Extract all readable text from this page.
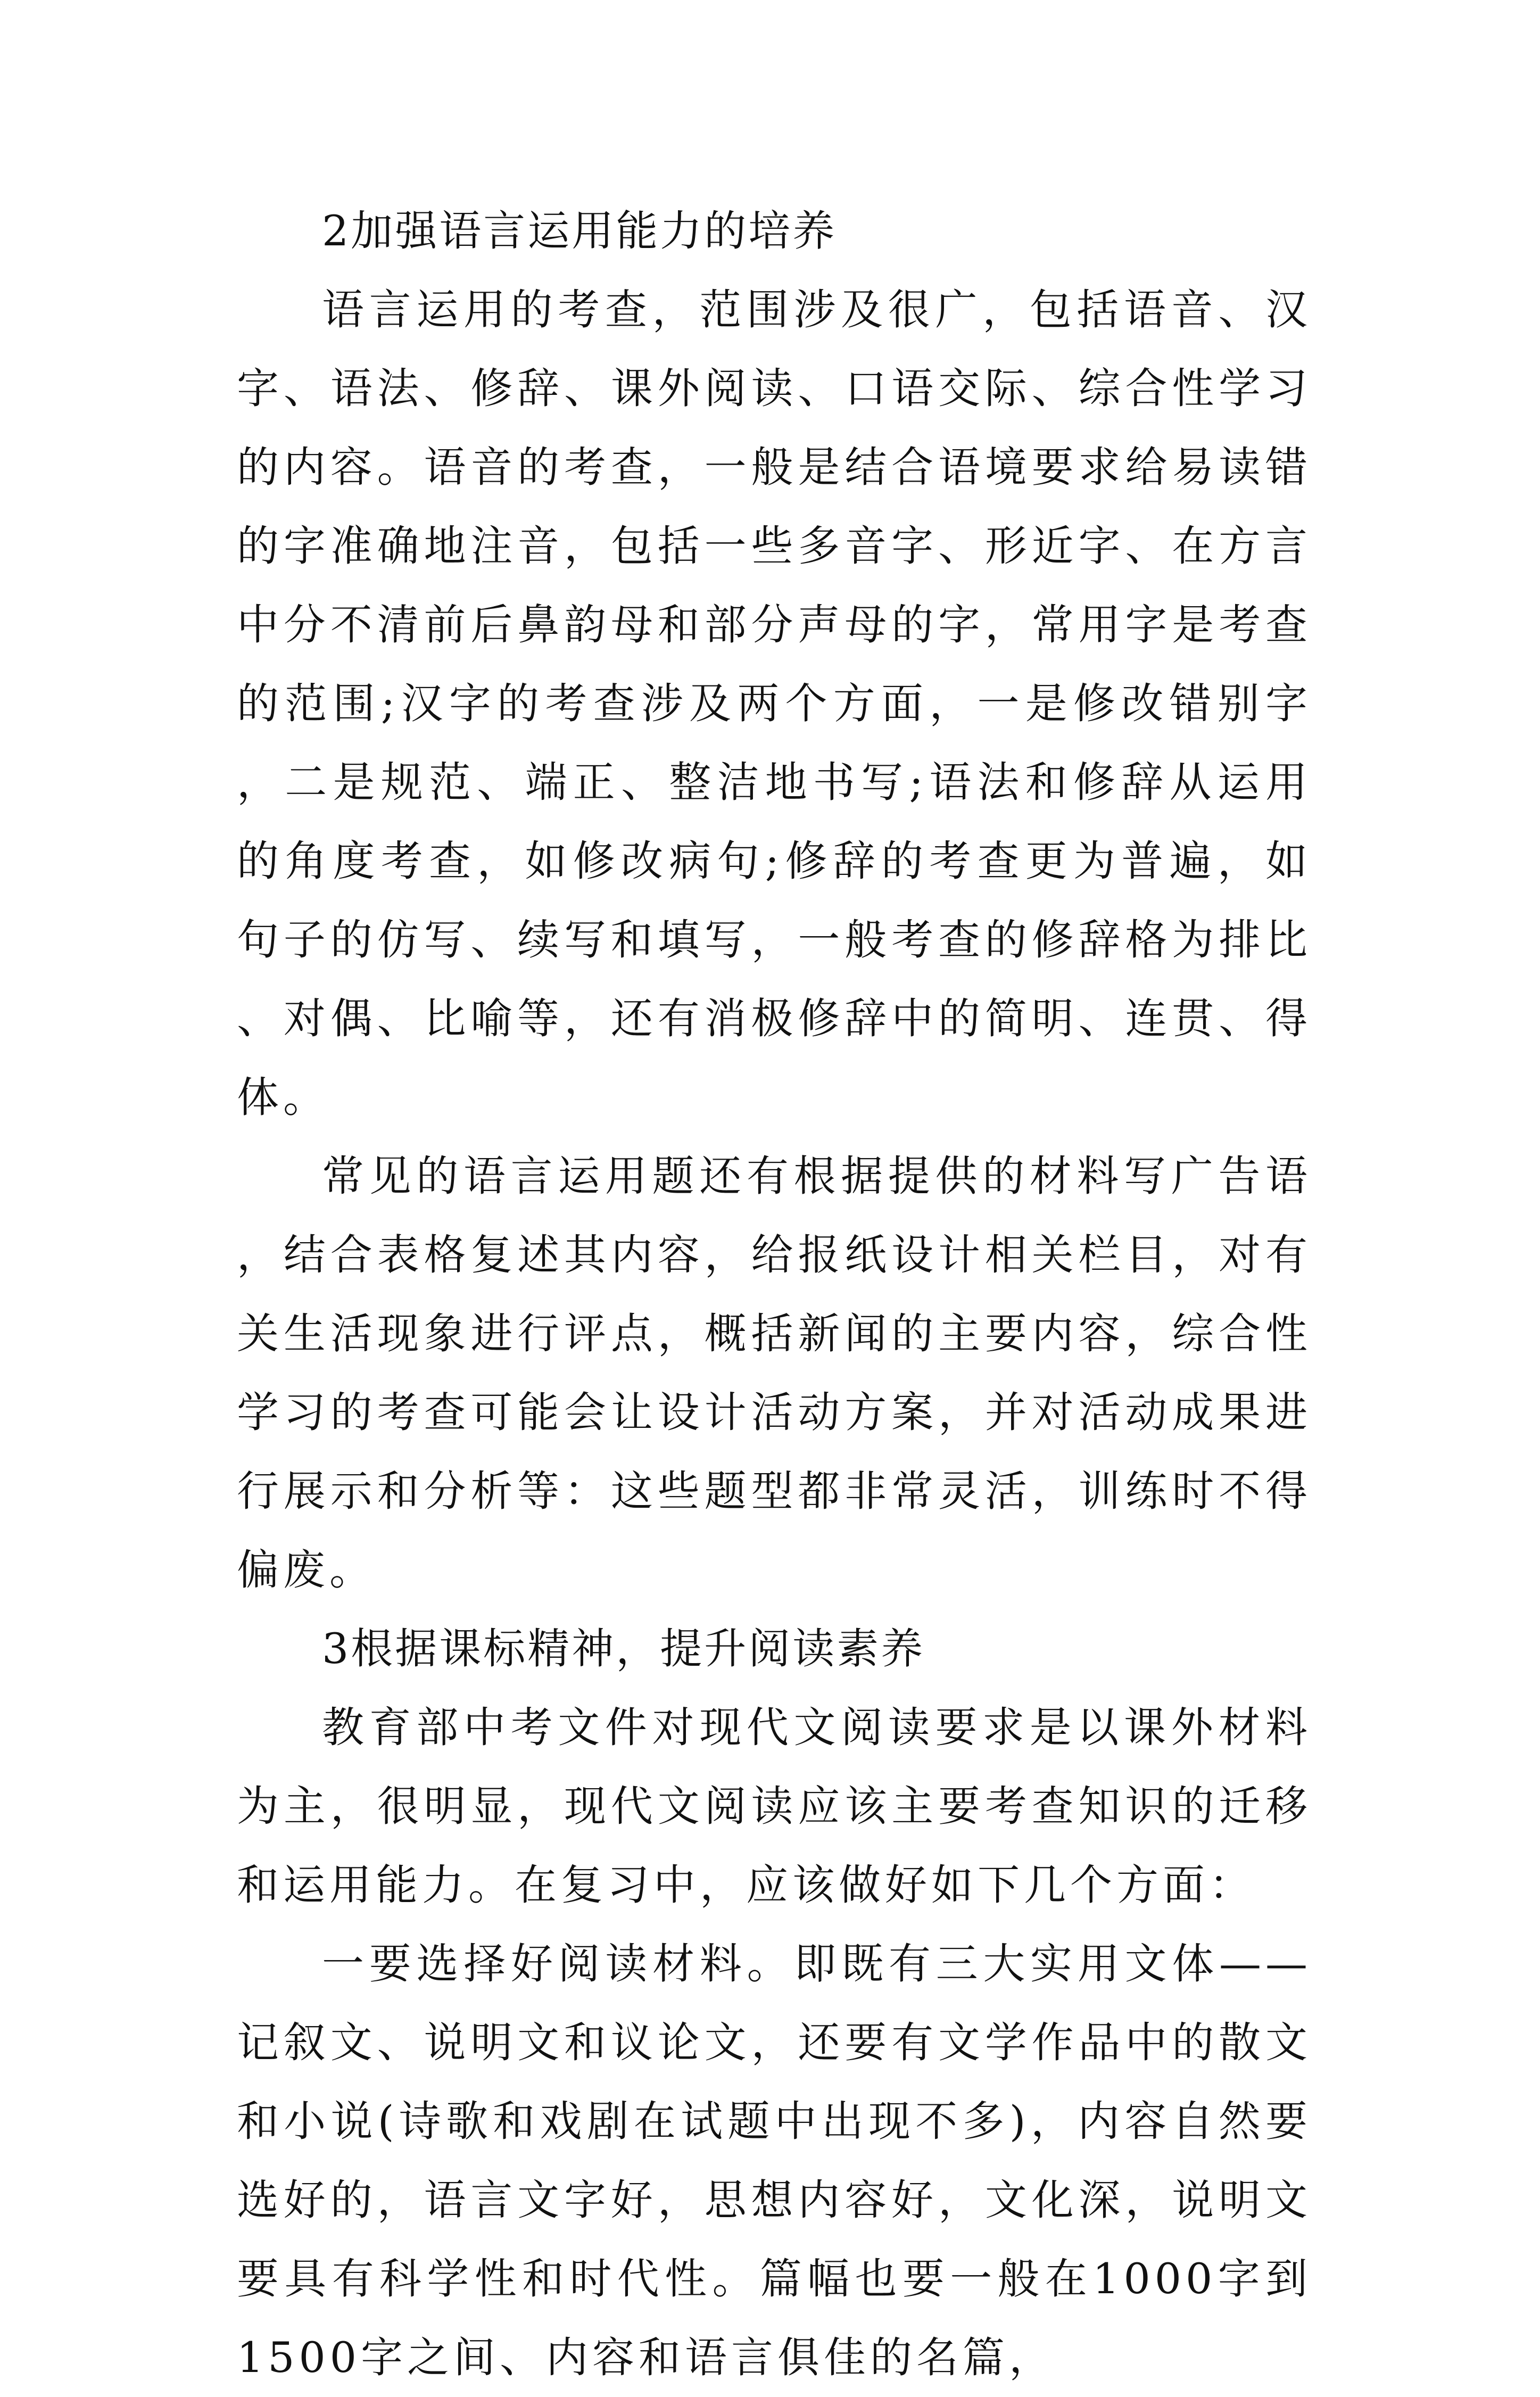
2加强语言运用能力的培养

语言运用的考查，范围涉及很广，包括语音、汉字、语法、修辞、课外阅读、口语交际、综合性学习的内容。语音的考查，一般是结合语境要求给易读错的字准确地注音，包括一些多音字、形近字、在方言中分不清前后鼻韵母和部分声母的字，常用字是考查的范围;汉字的考查涉及两个方面，一是修改错别字，二是规范、端正、整洁地书写;语法和修辞从运用的角度考查，如修改病句;修辞的考查更为普遍，如句子的仿写、续写和填写，一般考查的修辞格为排比、对偶、比喻等，还有消极修辞中的简明、连贯、得体。

常见的语言运用题还有根据提供的材料写广告语，结合表格复述其内容，给报纸设计相关栏目，对有关生活现象进行评点，概括新闻的主要内容，综合性学习的考查可能会让设计活动方案，并对活动成果进行展示和分析等：这些题型都非常灵活，训练时不得偏废。

3根据课标精神，提升阅读素养

教育部中考文件对现代文阅读要求是以课外材料为主，很明显，现代文阅读应该主要考查知识的迁移和运用能力。在复习中，应该做好如下几个方面：

一要选择好阅读材料。即既有三大实用文体——记叙文、说明文和议论文，还要有文学作品中的散文和小说(诗歌和戏剧在试题中出现不多)，内容自然要选好的，语言文字好，思想内容好，文化深，说明文要具有科学性和时代性。篇幅也要一般在1000字到1500字之间、内容和语言俱佳的名篇，
